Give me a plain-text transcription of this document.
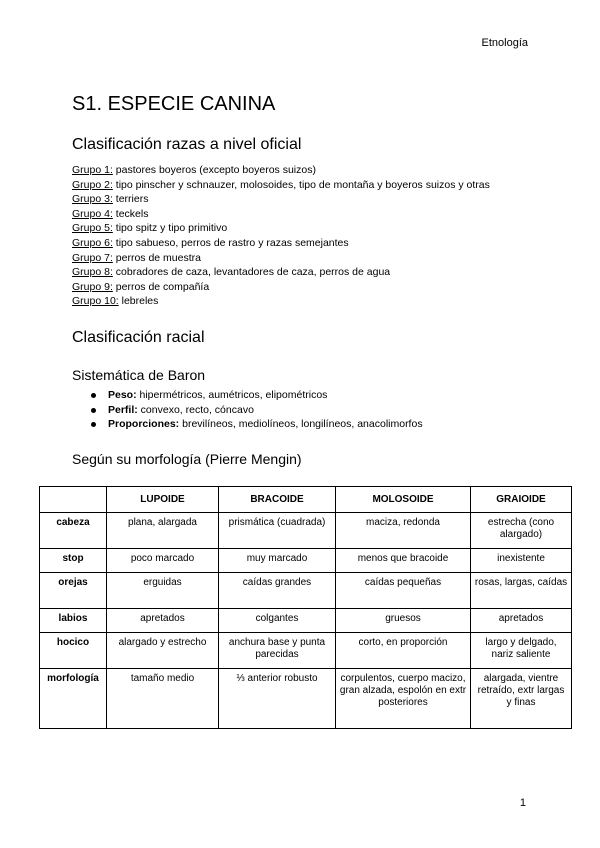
Etnología
S1. ESPECIE CANINA
Clasificación razas a nivel oficial
Grupo 1: pastores boyeros (excepto boyeros suizos)
Grupo 2: tipo pinscher y schnauzer, molosoides, tipo de montaña y boyeros suizos y otras
Grupo 3: terriers
Grupo 4: teckels
Grupo 5: tipo spitz y tipo primitivo
Grupo 6: tipo sabueso, perros de rastro y razas semejantes
Grupo 7: perros de muestra
Grupo 8: cobradores de caza, levantadores de caza, perros de agua
Grupo 9: perros de compañía
Grupo 10: lebreles
Clasificación racial
Sistemática de Baron
Peso: hipermétricos, aumétricos, elipométricos
Perfil: convexo, recto, cóncavo
Proporciones: brevilíneos, mediolíneos, longilíneos, anacolimorfos
Según su morfología (Pierre Mengin)
	LUPOIDE	BRACOIDE	MOLOSOIDE	GRAIOIDE
cabeza	plana, alargada	prismática (cuadrada)	maciza, redonda	estrecha (cono alargado)
stop	poco marcado	muy marcado	menos que bracoide	inexistente
orejas	erguidas	caídas grandes	caídas pequeñas	rosas, largas, caídas
labios	apretados	colgantes	gruesos	apretados
hocico	alargado y estrecho	anchura base y punta parecidas	corto, en proporción	largo y delgado, nariz saliente
morfología	tamaño medio	⅓ anterior robusto	corpulentos, cuerpo macizo, gran alzada, espolón en extr posteriores	alargada, vientre retraído, extr largas y finas
1
